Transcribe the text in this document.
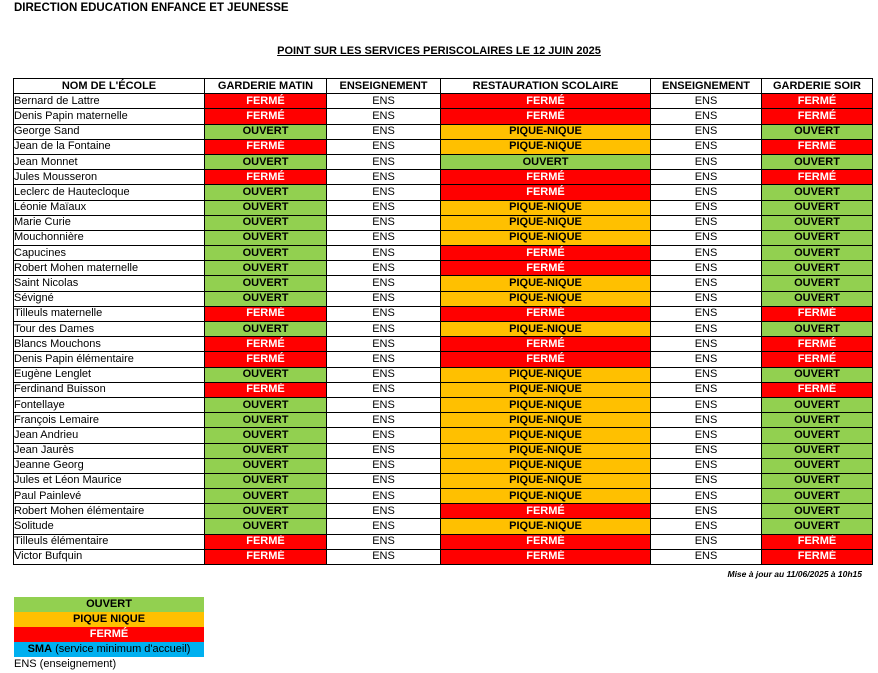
DIRECTION EDUCATION ENFANCE ET JEUNESSE
POINT SUR LES SERVICES PERISCOLAIRES LE 12 JUIN 2025
NOM DE L'ÉCOLE	GARDERIE MATIN	ENSEIGNEMENT	RESTAURATION SCOLAIRE	ENSEIGNEMENT	GARDERIE SOIR
Bernard de Lattre	FERMÉ	ENS	FERMÉ	ENS	FERMÉ
Denis Papin maternelle	FERMÉ	ENS	FERMÉ	ENS	FERMÉ
George Sand	OUVERT	ENS	PIQUE-NIQUE	ENS	OUVERT
Jean de la Fontaine	FERMÉ	ENS	PIQUE-NIQUE	ENS	FERMÉ
Jean Monnet	OUVERT	ENS	OUVERT	ENS	OUVERT
Jules Mousseron	FERMÉ	ENS	FERMÉ	ENS	FERMÉ
Leclerc de Hautecloque	OUVERT	ENS	FERMÉ	ENS	OUVERT
Léonie Maïaux	OUVERT	ENS	PIQUE-NIQUE	ENS	OUVERT
Marie Curie	OUVERT	ENS	PIQUE-NIQUE	ENS	OUVERT
Mouchonnière	OUVERT	ENS	PIQUE-NIQUE	ENS	OUVERT
Capucines	OUVERT	ENS	FERMÉ	ENS	OUVERT
Robert Mohen maternelle	OUVERT	ENS	FERMÉ	ENS	OUVERT
Saint Nicolas	OUVERT	ENS	PIQUE-NIQUE	ENS	OUVERT
Sévigné	OUVERT	ENS	PIQUE-NIQUE	ENS	OUVERT
Tilleuls maternelle	FERMÉ	ENS	FERMÉ	ENS	FERMÉ
Tour des Dames	OUVERT	ENS	PIQUE-NIQUE	ENS	OUVERT
Blancs Mouchons	FERMÉ	ENS	FERMÉ	ENS	FERMÉ
Denis Papin élémentaire	FERMÉ	ENS	FERMÉ	ENS	FERMÉ
Eugène Lenglet	OUVERT	ENS	PIQUE-NIQUE	ENS	OUVERT
Ferdinand Buisson	FERMÉ	ENS	PIQUE-NIQUE	ENS	FERMÉ
Fontellaye	OUVERT	ENS	PIQUE-NIQUE	ENS	OUVERT
François Lemaire	OUVERT	ENS	PIQUE-NIQUE	ENS	OUVERT
Jean Andrieu	OUVERT	ENS	PIQUE-NIQUE	ENS	OUVERT
Jean Jaurès	OUVERT	ENS	PIQUE-NIQUE	ENS	OUVERT
Jeanne Georg	OUVERT	ENS	PIQUE-NIQUE	ENS	OUVERT
Jules et Léon Maurice	OUVERT	ENS	PIQUE-NIQUE	ENS	OUVERT
Paul Painlevé	OUVERT	ENS	PIQUE-NIQUE	ENS	OUVERT
Robert Mohen élémentaire	OUVERT	ENS	FERMÉ	ENS	OUVERT
Solitude	OUVERT	ENS	PIQUE-NIQUE	ENS	OUVERT
Tilleuls élémentaire	FERMÉ	ENS	FERMÉ	ENS	FERMÉ
Victor Bufquin	FERMÉ	ENS	FERMÉ	ENS	FERMÉ
Mise à jour au 11/06/2025 à 10h15
OUVERT
PIQUE NIQUE
FERMÉ
SMA (service minimum d'accueil)
ENS (enseignement)
